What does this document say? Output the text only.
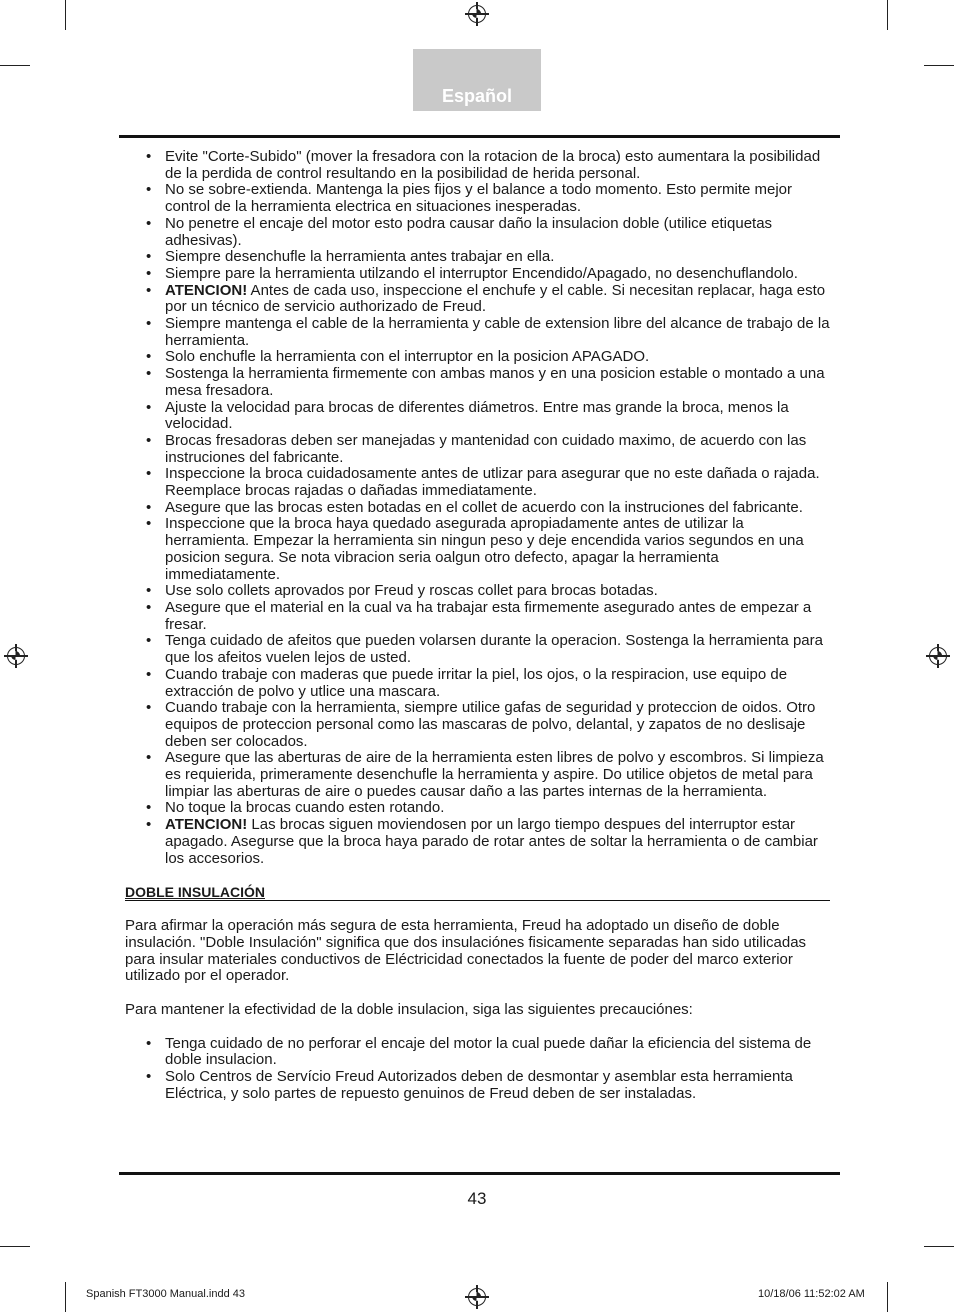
Español
• Evite "Corte-Subido" (mover la fresadora con la rotacion de la broca) esto aumentara la posibilidad de la perdida de control resultando en la posibilidad de herida personal.
• No se sobre-extienda. Mantenga la pies fijos y el balance a todo momento. Esto permite mejor control de la herramienta electrica en situaciones inesperadas.
• No penetre el encaje del motor esto podra causar daño la insulacion doble (utilice etiquetas adhesivas).
• Siempre desenchufle la herramienta antes trabajar en ella.
• Siempre pare la herramienta utilzando el interruptor Encendido/Apagado, no desenchuflandolo.
• ATENCION! Antes de cada uso, inspeccione el enchufe y el cable. Si necesitan replacar, haga esto por un técnico de servicio authorizado de Freud.
• Siempre mantenga el cable de la herramienta y cable de extension libre del alcance de trabajo de la herramienta.
• Solo enchufle la herramienta con el interruptor en la posicion APAGADO.
• Sostenga la herramienta firmemente con ambas manos y en una posicion estable o montado a una mesa fresadora.
• Ajuste la velocidad para brocas de diferentes diámetros. Entre mas grande la broca, menos la velocidad.
• Brocas fresadoras deben ser manejadas y mantenidad con cuidado maximo, de acuerdo con las instruciones del fabricante.
• Inspeccione la broca cuidadosamente antes de utlizar para asegurar que no este dañada o rajada. Reemplace brocas rajadas o dañadas immediatamente.
• Asegure que las brocas esten botadas en el collet de acuerdo con la instruciones del fabricante.
• Inspeccione que la broca haya quedado asegurada apropiadamente antes de utilizar la herramienta. Empezar la herramienta sin ningun peso y deje encendida varios segundos en una posicion segura. Se nota vibracion seria oalgun otro defecto, apagar la herramienta immediatamente.
• Use solo collets aprovados por Freud y roscas collet para brocas botadas.
• Asegure que el material en la cual va ha trabajar esta firmemente asegurado antes de empezar a fresar.
• Tenga cuidado de afeitos que pueden volarsen durante la operacion. Sostenga la herramienta para que los afeitos vuelen lejos de usted.
• Cuando trabaje con maderas que puede irritar la piel, los ojos, o la respiracion, use equipo de extracción de polvo y utlice una mascara.
• Cuando trabaje con la herramienta, siempre utilice gafas de seguridad y proteccion de oidos. Otro equipos de proteccion personal como las mascaras de polvo, delantal, y zapatos de no deslisaje deben ser colocados.
• Asegure que las aberturas de aire de la herramienta esten libres de polvo y escombros. Si limpieza es requierida, primeramente desenchufle la herramienta y aspire. Do utilice objetos de metal para limpiar las aberturas de aire o puedes causar daño a las partes internas de la herramienta.
• No toque la brocas cuando esten rotando.
• ATENCION! Las brocas siguen moviendosen por un largo tiempo despues del interruptor estar apagado. Asegurse que la broca haya parado de rotar antes de soltar la herramienta o de cambiar los accesorios.
DOBLE INSULACIÓN

Para afirmar la operación más segura de esta herramienta, Freud ha adoptado un diseño de doble insulación. "Doble Insulación" significa que dos insulaciónes fisicamente separadas han sido utilicadas para insular materiales conductivos de Eléctricidad conectados la fuente de poder del marco exterior utilizado por el operador.

Para mantener la efectividad de la doble insulacion, siga las siguientes precauciónes:

• Tenga cuidado de no perforar el encaje del motor la cual puede dañar la eficiencia del sistema de doble insulacion.
• Solo Centros de Servício Freud Autorizados deben de desmontar y asemblar esta herramienta Eléctrica, y solo partes de repuesto genuinos de Freud deben de ser instaladas.
43
Spanish FT3000 Manual.indd 43	10/18/06 11:52:02 AM
